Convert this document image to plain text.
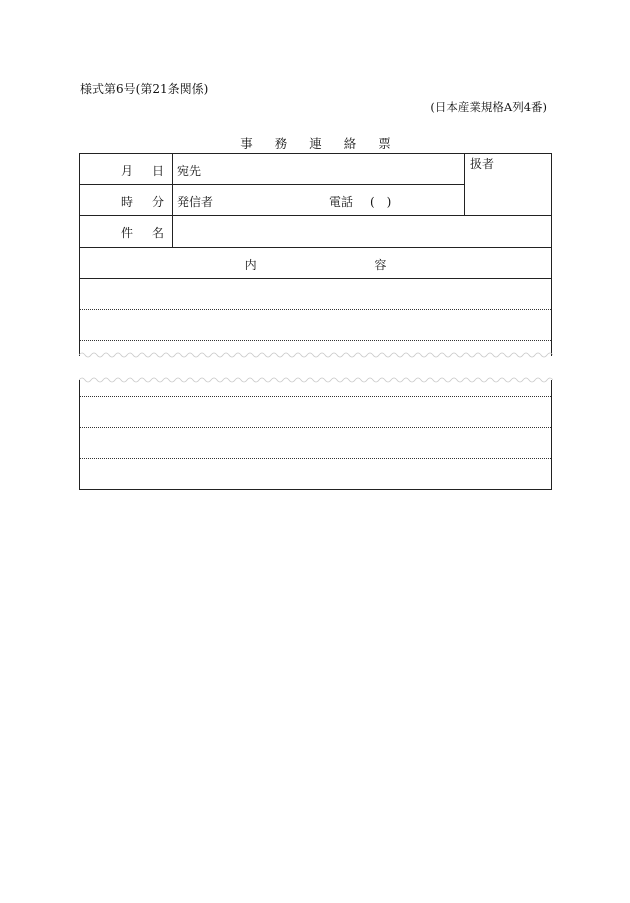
様式第6号(第21条関係)
(日本産業規格A列4番)
事 務 連 絡 票
月 日 宛先	扱者
時 分 発信者	電話 (　)
件 名
内	容
